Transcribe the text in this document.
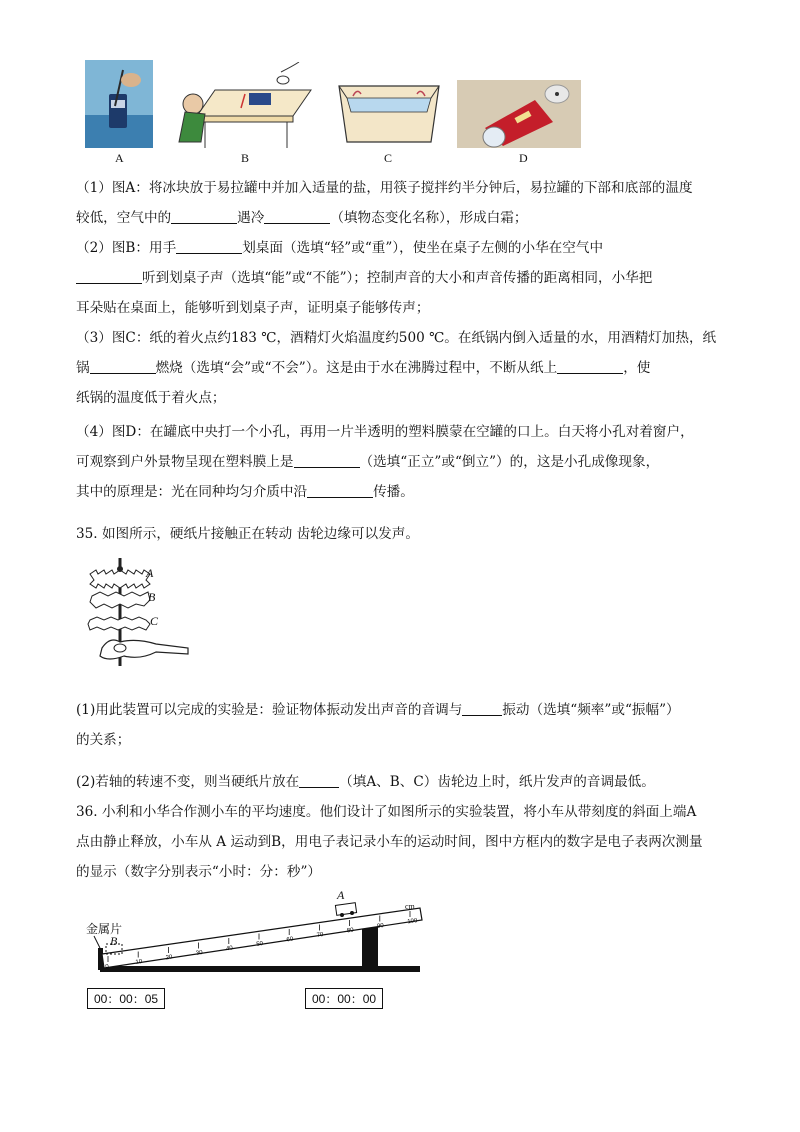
A	B	C	D
（1）图A：将冰块放于易拉罐中并加入适量的盐，用筷子搅拌约半分钟后，易拉罐的下部和底部的温度
较低，空气中的	遇冷	（填物态变化名称），形成白霜；
（2）图B：用手	划桌面（选填“轻”或“重”），使坐在桌子左侧的小华在空气中
听到划桌子声（选填“能”或“不能”）；控制声音的大小和声音传播的距离相同，小华把
耳朵贴在桌面上，能够听到划桌子声，证明桌子能够传声；
（3）图C：纸的着火点约183 ℃，酒精灯火焰温度约500 ℃。在纸锅内倒入适量的水，用酒精灯加热，纸
锅	燃烧（选填“会”或“不会”）。这是由于水在沸腾过程中，不断从纸上	，使
纸锅的温度低于着火点；
（4）图D：在罐底中央打一个小孔，再用一片半透明的塑料膜蒙在空罐的口上。白天将小孔对着窗户，
可观察到户外景物呈现在塑料膜上是	（选填“正立”或“倒立”）的，这是小孔成像现象，
其中的原理是：光在同种均匀介质中沿	传播。
35. 如图所示，硬纸片接触正在转动 齿轮边缘可以发声。
A
B
C
(1)用此装置可以完成的实验是：验证物体振动发出声音的音调与	振动（选填“频率”或“振幅”）
的关系；
(2)若轴的转速不变，则当硬纸片放在	（填A、B、C）齿轮边上时，纸片发声的音调最低。
36. 小利和小华合作测小车的平均速度。他们设计了如图所示的实验装置，将小车从带刻度的斜面上端A
点由静止释放，小车从 A 运动到B，用电子表记录小车的运动时间，图中方框内的数字是电子表两次测量
的显示（数字分别表示“小时：分：秒”）
0
10
20
30
40
50
60
70
80
90
100
金属片
B
A
cm
00：00：05	00：00：00
